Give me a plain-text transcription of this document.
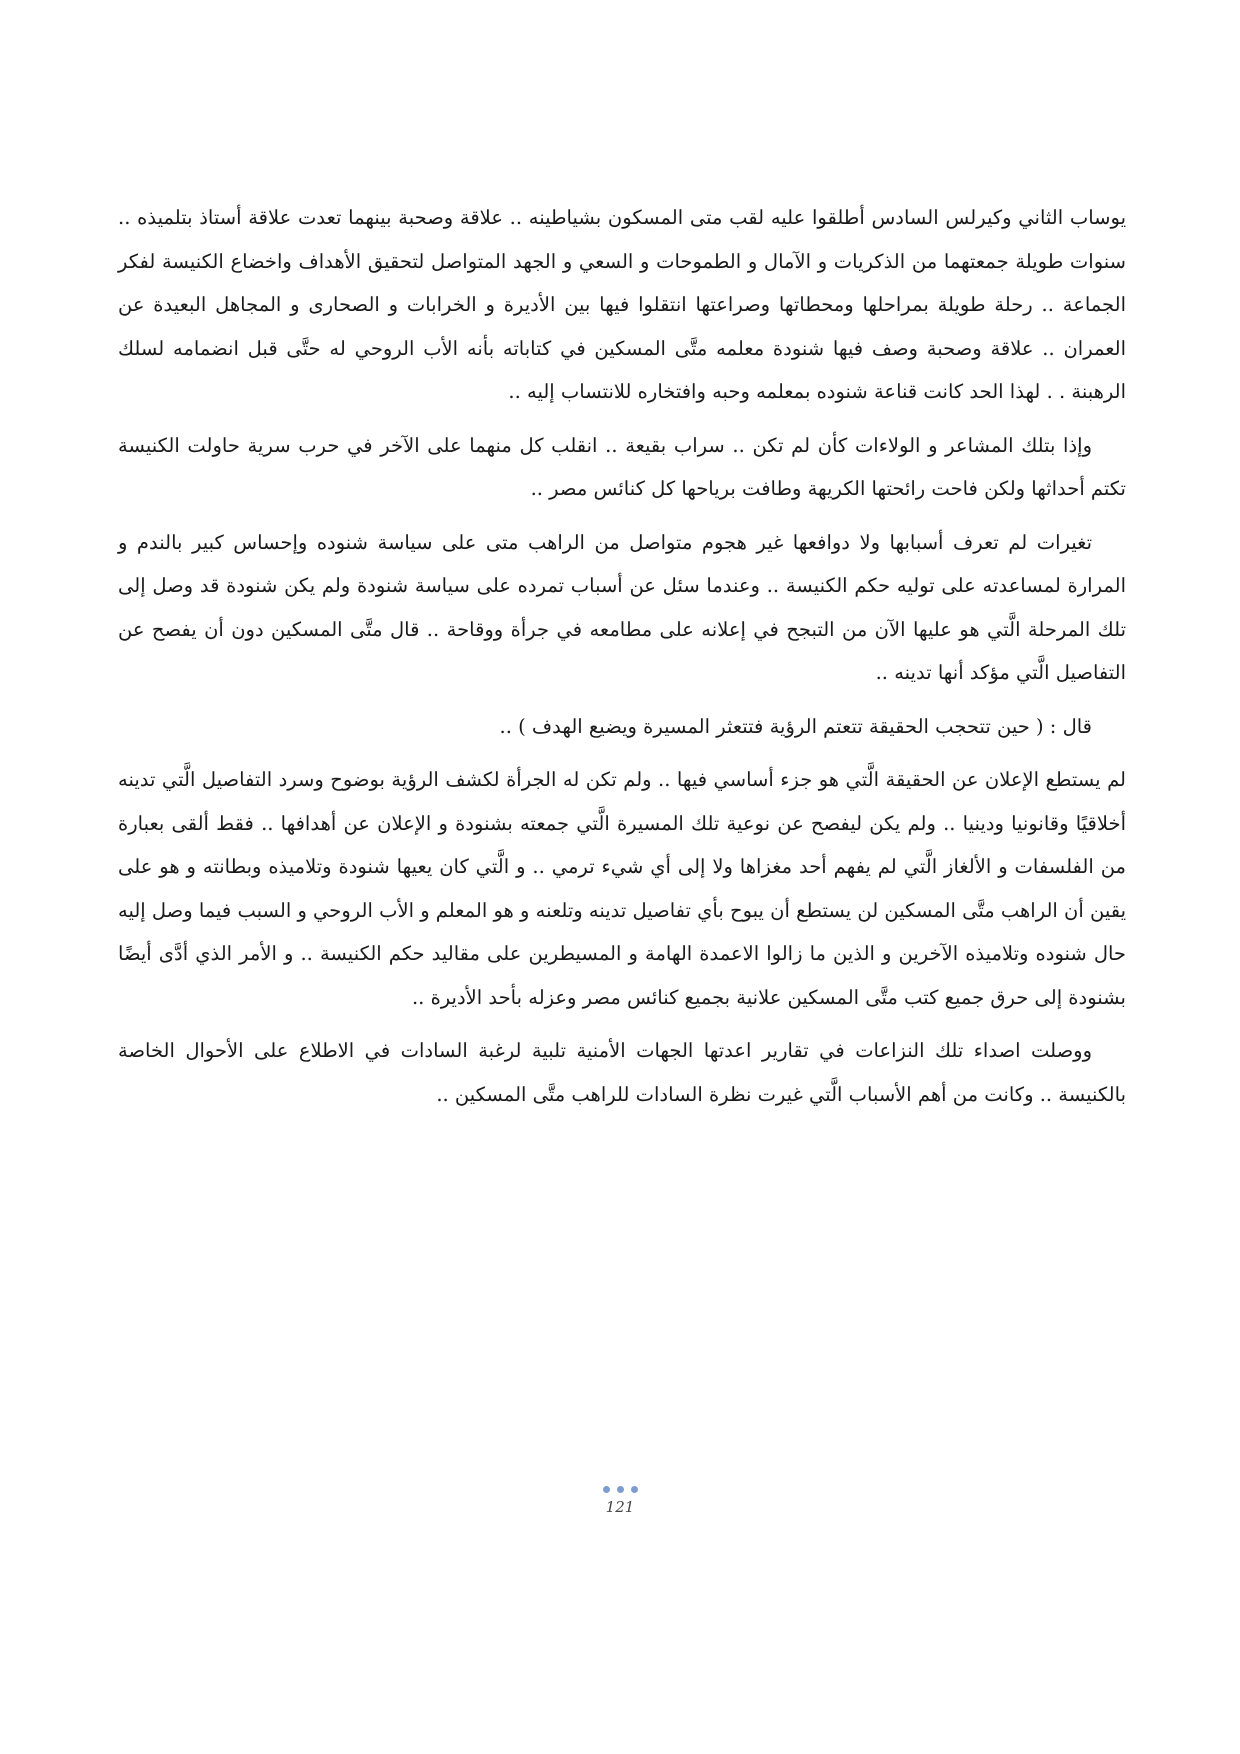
يوساب الثاني وكيرلس السادس أطلقوا عليه لقب متى المسكون بشياطينه .. علاقة وصحبة بينهما تعدت علاقة أستاذ بتلميذه .. سنوات طويلة جمعتهما من الذكريات و الآمال و الطموحات و السعي و الجهد المتواصل لتحقيق الأهداف واخضاع الكنيسة لفكر الجماعة .. رحلة طويلة بمراحلها ومحطاتها وصراعتها انتقلوا فيها بين الأديرة و الخرابات و الصحارى و المجاهل البعيدة عن العمران .. علاقة وصحبة وصف فيها شنودة معلمه متَّى المسكين في كتاباته بأنه الأب الروحي له حتَّى قبل انضمامه لسلك الرهبنة . . لهذا الحد كانت قناعة شنوده بمعلمه وحبه وافتخاره للانتساب إليه ..

وإذا بتلك المشاعر و الولاءات كأن لم تكن .. سراب بقيعة .. انقلب كل منهما على الآخر في حرب سرية حاولت الكنيسة تكتم أحداثها ولكن فاحت رائحتها الكريهة وطافت برياحها كل كنائس مصر ..

تغيرات لم تعرف أسبابها ولا دوافعها غير هجوم متواصل من الراهب متى على سياسة شنوده وإحساس كبير بالندم و المرارة لمساعدته على توليه حكم الكنيسة .. وعندما سئل عن أسباب تمرده على سياسة شنودة ولم يكن شنودة قد وصل إلى تلك المرحلة الَّتي هو عليها الآن من التبجح في إعلانه على مطامعه في جرأة ووقاحة .. قال متَّى المسكين دون أن يفصح عن التفاصيل الَّتي مؤكد أنها تدينه ..

قال : ( حين تتحجب الحقيقة تتعتم الرؤية فتتعثر المسيرة ويضيع الهدف ) ..

لم يستطع الإعلان عن الحقيقة الَّتي هو جزء أساسي فيها .. ولم تكن له الجرأة لكشف الرؤية بوضوح وسرد التفاصيل الَّتي تدينه أخلاقيًا وقانونيا ودينيا .. ولم يكن ليفصح عن نوعية تلك المسيرة الَّتي جمعته بشنودة و الإعلان عن أهدافها .. فقط ألقى بعبارة من الفلسفات و الألغاز الَّتي لم يفهم أحد مغزاها ولا إلى أي شيء ترمي .. و الَّتي كان يعيها شنودة وتلاميذه وبطانته و هو على يقين أن الراهب متَّى المسكين لن يستطع أن يبوح بأي تفاصيل تدينه وتلعنه و هو المعلم و الأب الروحي و السبب فيما وصل إليه حال شنوده وتلاميذه الآخرين و الذين ما زالوا الاعمدة الهامة و المسيطرين على مقاليد حكم الكنيسة .. و الأمر الذي أدَّى أيضًا بشنودة إلى حرق جميع كتب متَّى المسكين علانية بجميع كنائس مصر وعزله بأحد الأديرة ..

ووصلت اصداء تلك النزاعات في تقارير اعدتها الجهات الأمنية تلبية لرغبة السادات في الاطلاع على الأحوال الخاصة بالكنيسة .. وكانت من أهم الأسباب الَّتي غيرت نظرة السادات للراهب متَّى المسكين ..

121
